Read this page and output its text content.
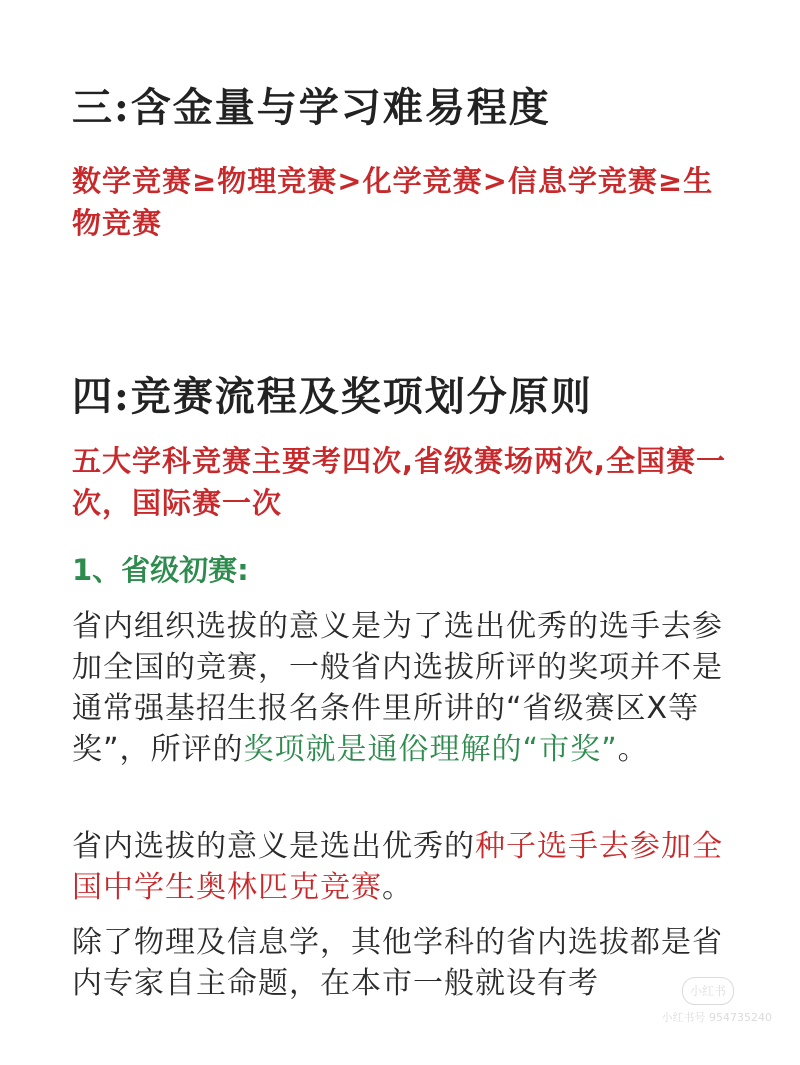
三:含金量与学习难易程度

数学竞赛≥物理竞赛>化学竞赛>信息学竞赛≥生物竞赛

四:竞赛流程及奖项划分原则

五大学科竞赛主要考四次,省级赛场两次,全国赛一次，国际赛一次

1、省级初赛:

省内组织选拔的意义是为了选出优秀的选手去参加全国的竞赛，一般省内选拔所评的奖项并不是通常强基招生报名条件里所讲的“省级赛区X等奖”，所评的奖项就是通俗理解的“市奖”。

省内选拔的意义是选出优秀的种子选手去参加全国中学生奥林匹克竞赛。

除了物理及信息学，其他学科的省内选拔都是省内专家自主命题，在本市一般就设有考	小红书
小红书号 954735240
